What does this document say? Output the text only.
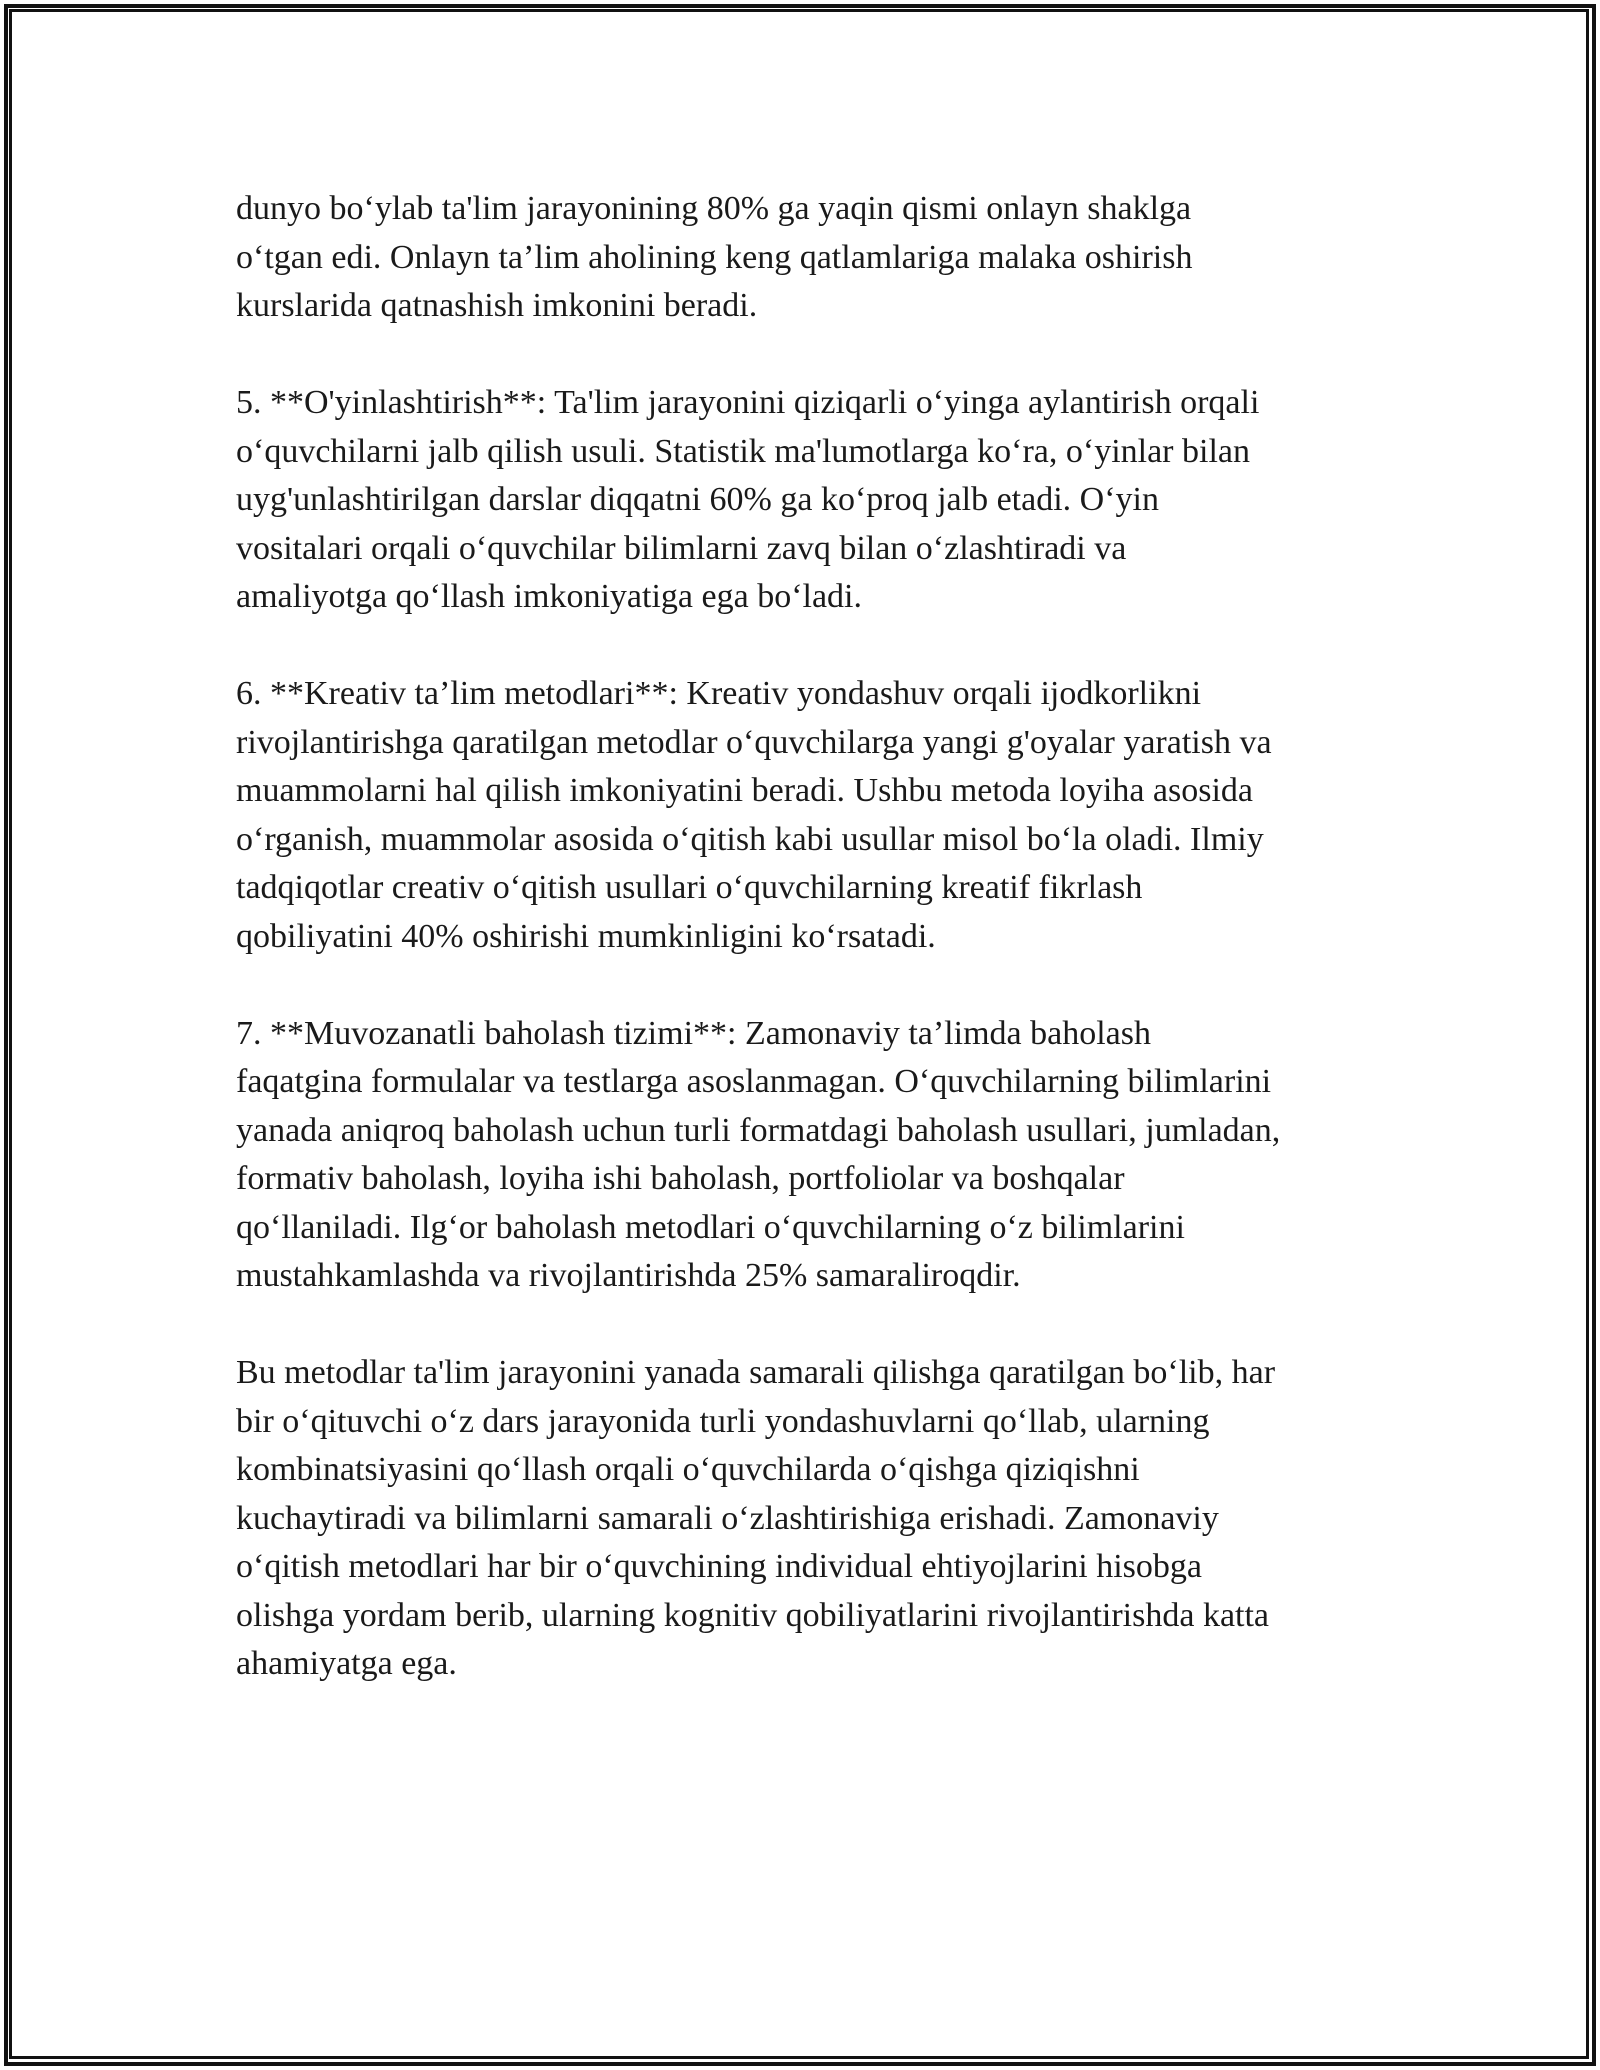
dunyo bo‘ylab ta'lim jarayonining 80% ga yaqin qismi onlayn shaklga
o‘tgan edi. Onlayn ta’lim aholining keng qatlamlariga malaka oshirish
kurslarida qatnashish imkonini beradi.

5. **O'yinlashtirish**: Ta'lim jarayonini qiziqarli o‘yinga aylantirish orqali
o‘quvchilarni jalb qilish usuli. Statistik ma'lumotlarga ko‘ra, o‘yinlar bilan
uyg'unlashtirilgan darslar diqqatni 60% ga ko‘proq jalb etadi. O‘yin
vositalari orqali o‘quvchilar bilimlarni zavq bilan o‘zlashtiradi va
amaliyotga qo‘llash imkoniyatiga ega bo‘ladi.

6. **Kreativ ta’lim metodlari**: Kreativ yondashuv orqali ijodkorlikni
rivojlantirishga qaratilgan metodlar o‘quvchilarga yangi g'oyalar yaratish va
muammolarni hal qilish imkoniyatini beradi. Ushbu metoda loyiha asosida
o‘rganish, muammolar asosida o‘qitish kabi usullar misol bo‘la oladi. Ilmiy
tadqiqotlar creativ o‘qitish usullari o‘quvchilarning kreatif fikrlash
qobiliyatini 40% oshirishi mumkinligini ko‘rsatadi.

7. **Muvozanatli baholash tizimi**: Zamonaviy ta’limda baholash
faqatgina formulalar va testlarga asoslanmagan. O‘quvchilarning bilimlarini
yanada aniqroq baholash uchun turli formatdagi baholash usullari, jumladan,
formativ baholash, loyiha ishi baholash, portfoliolar va boshqalar
qo‘llaniladi. Ilg‘or baholash metodlari o‘quvchilarning o‘z bilimlarini
mustahkamlashda va rivojlantirishda 25% samaraliroqdir.

Bu metodlar ta'lim jarayonini yanada samarali qilishga qaratilgan bo‘lib, har
bir o‘qituvchi o‘z dars jarayonida turli yondashuvlarni qo‘llab, ularning
kombinatsiyasini qo‘llash orqali o‘quvchilarda o‘qishga qiziqishni
kuchaytiradi va bilimlarni samarali o‘zlashtirishiga erishadi. Zamonaviy
o‘qitish metodlari har bir o‘quvchining individual ehtiyojlarini hisobga
olishga yordam berib, ularning kognitiv qobiliyatlarini rivojlantirishda katta
ahamiyatga ega.
